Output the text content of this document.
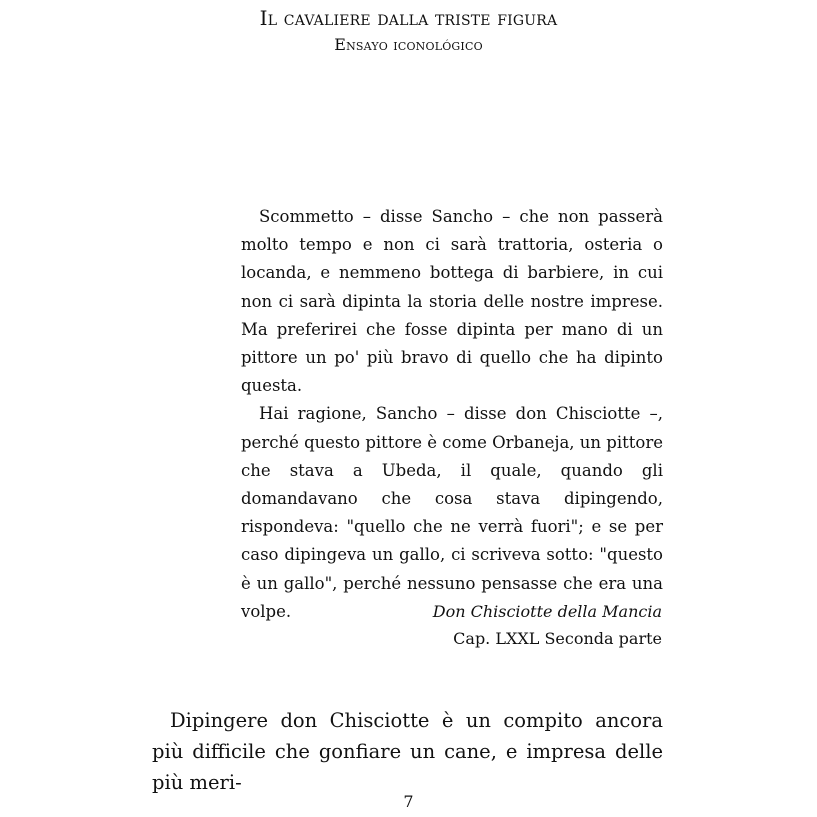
Il cavaliere dalla triste figura
Ensayo iconológico

Scommetto – disse Sancho – che non passerà molto tempo e non ci sarà trattoria, osteria o locanda, e nemmeno bottega di barbiere, in cui non ci sarà dipinta la storia delle nostre imprese. Ma preferirei che fosse dipinta per mano di un pittore un po' più bravo di quello che ha dipinto questa.

Hai ragione, Sancho – disse don Chisciotte –, perché questo pittore è come Orbaneja, un pittore che stava a Ubeda, il quale, quando gli domandavano che cosa stava dipingendo, rispondeva: "quello che ne verrà fuori"; e se per caso dipingeva un gallo, ci scriveva sotto: "questo è un gallo", perché nessuno pensasse che era una volpe.	Don Chisciotte della Mancia
Cap. LXXL Seconda parte

Dipingere don Chisciotte è un compito ancora più difficile che gonfiare un cane, e impresa delle più meri-

7
